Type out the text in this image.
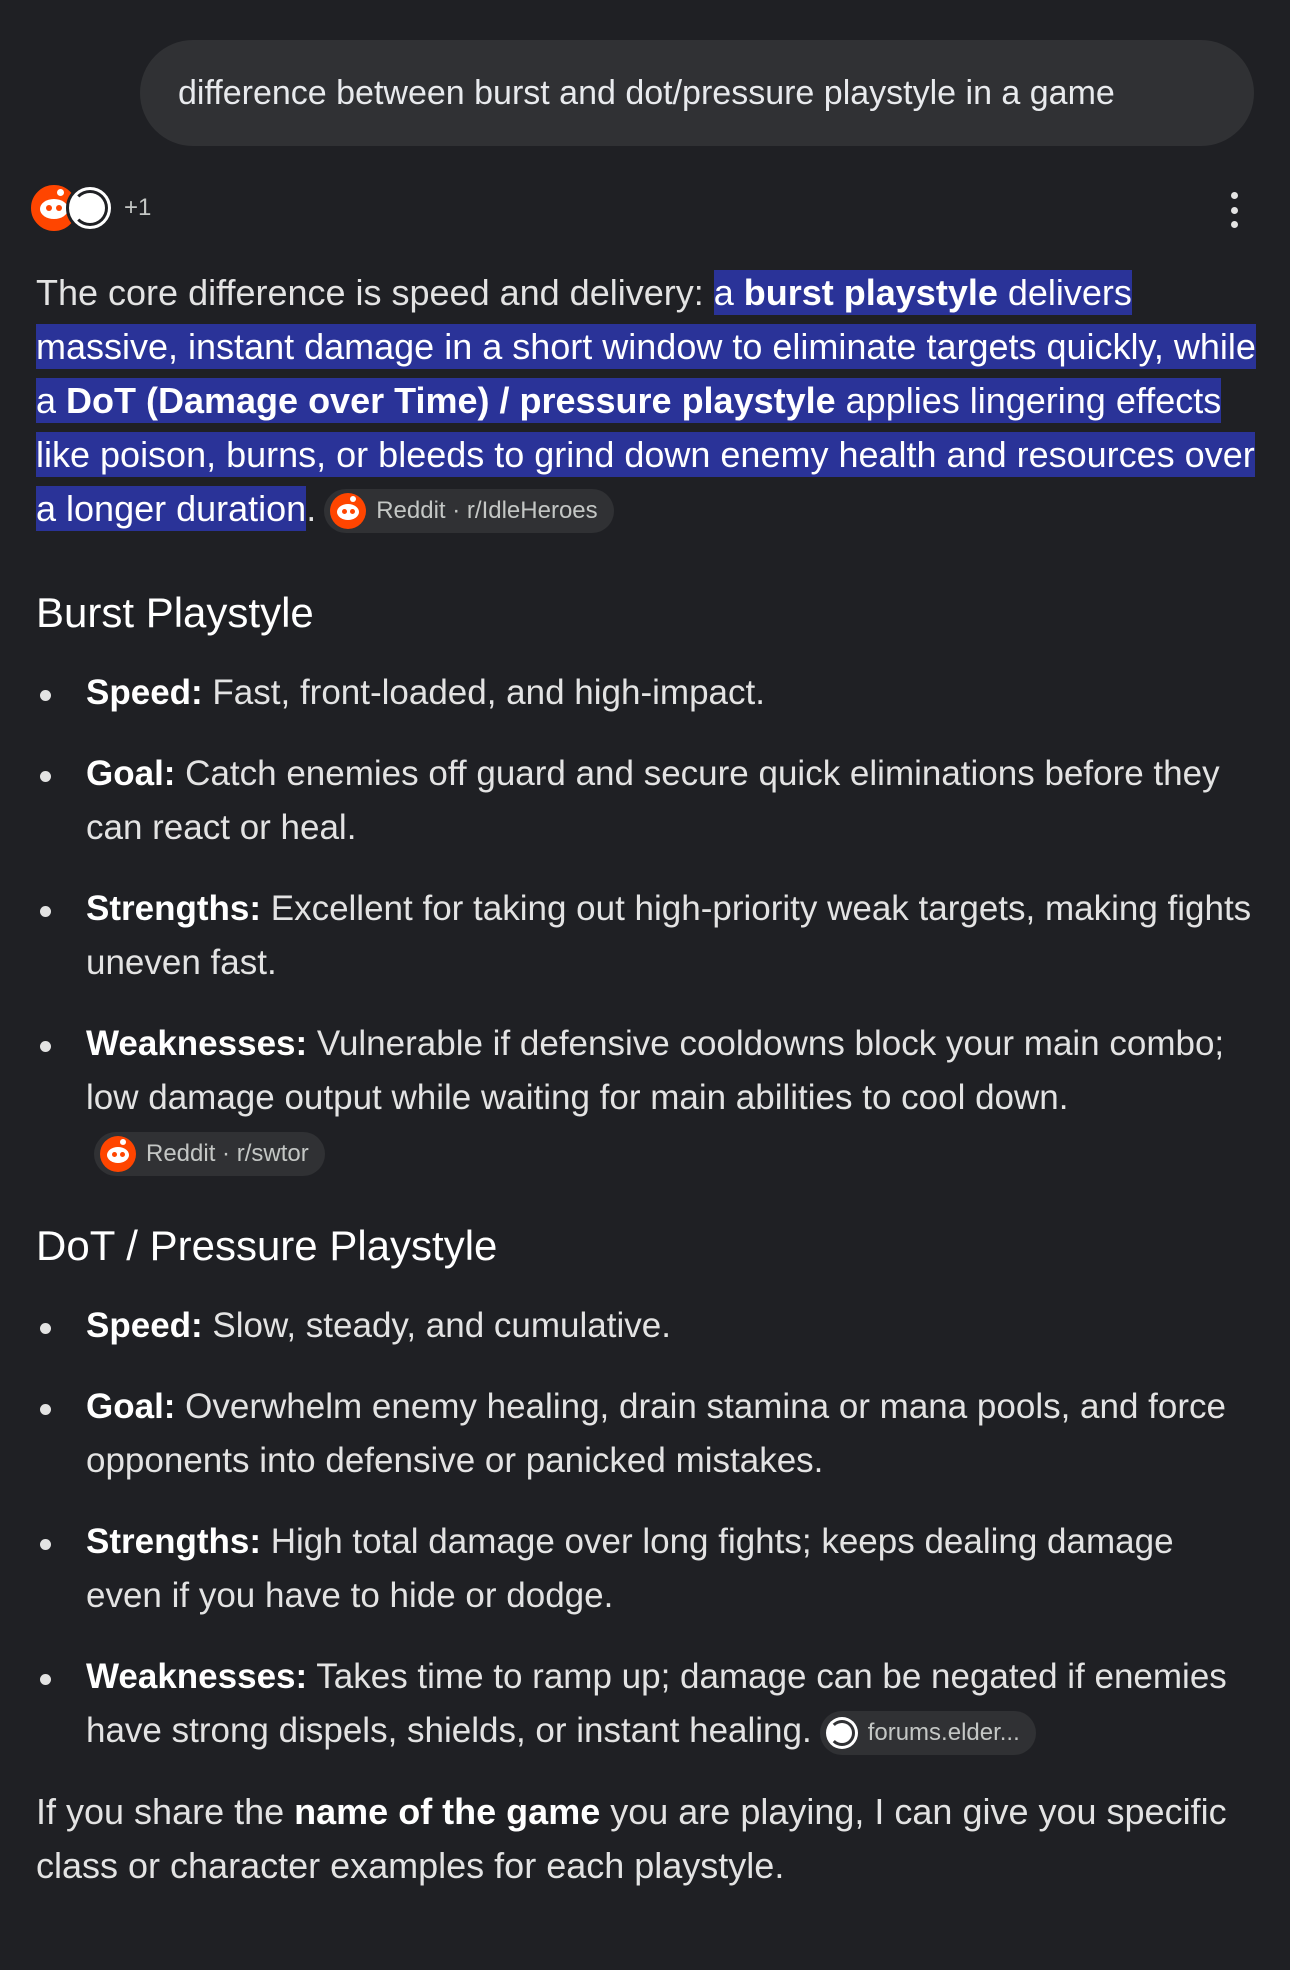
difference between burst and dot/pressure playstyle in a game
+1

The core difference is speed and delivery: a burst playstyle delivers massive, instant damage in a short window to eliminate targets quickly, while a DoT (Damage over Time) / pressure playstyle applies lingering effects like poison, burns, or bleeds to grind down enemy health and resources over a longer duration.	Reddit · r/IdleHeroes

Burst Playstyle
Speed: Fast, front-loaded, and high-impact.
Goal: Catch enemies off guard and secure quick eliminations before they can react or heal.
Strengths: Excellent for taking out high-priority weak targets, making fights uneven fast.
Weaknesses: Vulnerable if defensive cooldowns block your main combo; low damage output while waiting for main abilities to cool down.
Reddit · r/swtor
DoT / Pressure Playstyle
Speed: Slow, steady, and cumulative.
Goal: Overwhelm enemy healing, drain stamina or mana pools, and force opponents into defensive or panicked mistakes.
Strengths: High total damage over long fights; keeps dealing damage even if you have to hide or dodge.
Weaknesses: Takes time to ramp up; damage can be negated if enemies have strong dispels, shields, or instant healing. forums.elder...

If you share the name of the game you are playing, I can give you specific class or character examples for each playstyle.
